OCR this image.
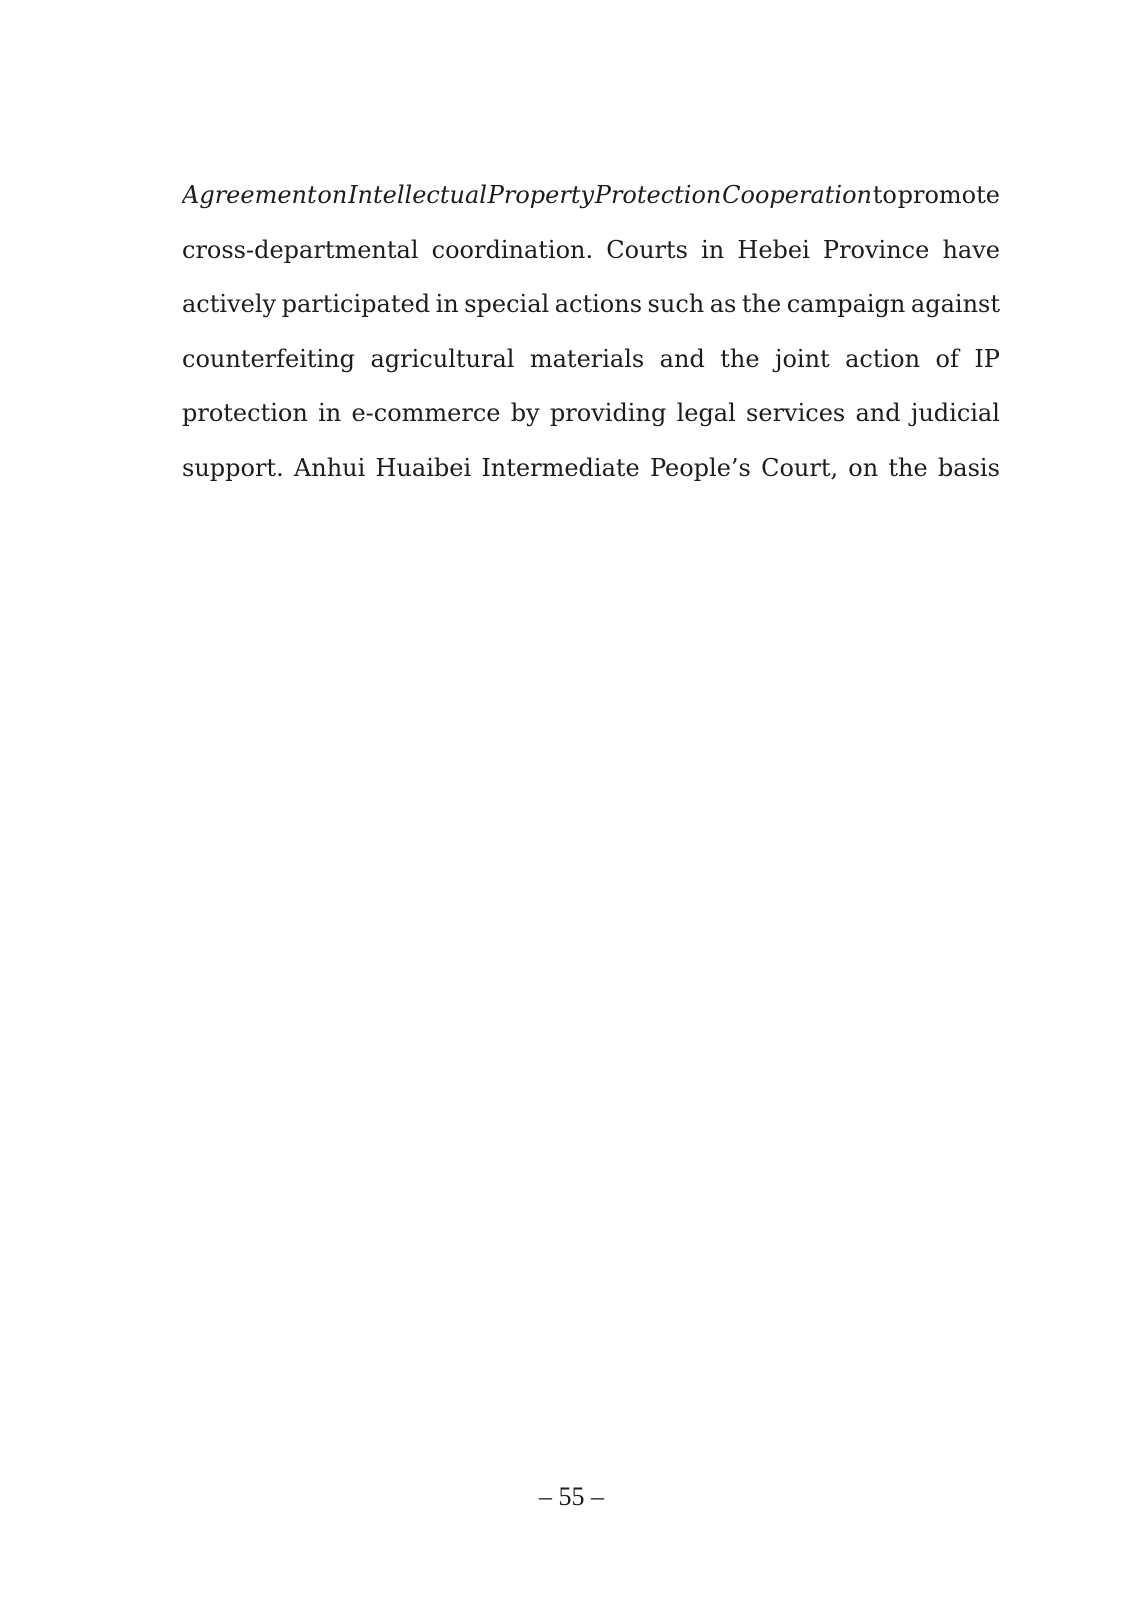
Agreement on Intellectual Property Protection Cooperation to promote
cross-departmental coordination. Courts in Hebei Province have
actively participated in special actions such as the campaign against
counterfeiting agricultural materials and the joint action of IP
protection in e-commerce by providing legal services and judicial
support. Anhui Huaibei Intermediate People’s Court, on the basis
– 55 –
